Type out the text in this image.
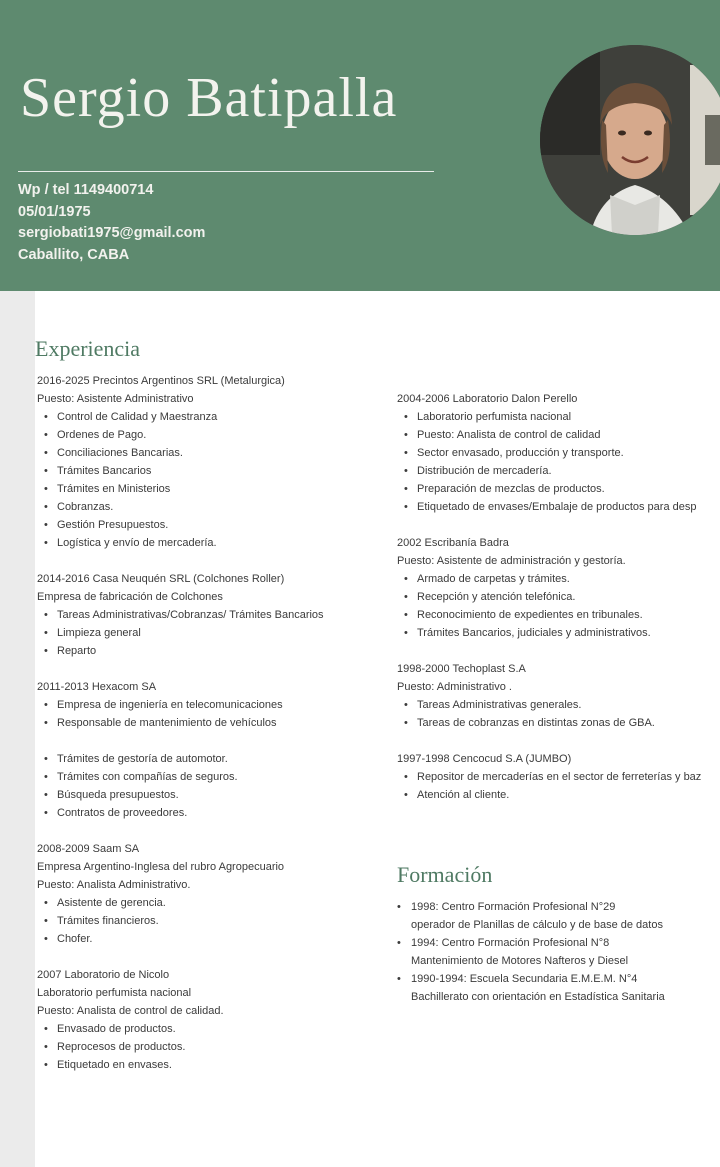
Sergio Batipalla
Wp / tel 1149400714
05/01/1975
sergiobati1975@gmail.com
Caballito, CABA
Experiencia
2016-2025 Precintos Argentinos SRL (Metalurgica)
Puesto: Asistente Administrativo
• Control de Calidad y Maestranza
• Ordenes de Pago.
• Conciliaciones Bancarias.
• Trámites Bancarios
• Trámites en Ministerios
• Cobranzas.
• Gestión Presupuestos.
• Logística y envío de mercadería.
2014-2016 Casa Neuquén SRL (Colchones Roller)
Empresa de fabricación de Colchones
• Tareas Administrativas/Cobranzas/ Trámites Bancarios
• Limpieza general
• Reparto
2011-2013 Hexacom SA
• Empresa de ingeniería en telecomunicaciones
• Responsable de mantenimiento de vehículos
• Trámites de gestoría de automotor.
• Trámites con compañías de seguros.
• Búsqueda presupuestos.
• Contratos de proveedores.
2008-2009 Saam SA
Empresa Argentino-Inglesa del rubro Agropecuario
Puesto: Analista Administrativo.
• Asistente de gerencia.
• Trámites financieros.
• Chofer.
2007 Laboratorio de Nicolo
Laboratorio perfumista nacional
Puesto: Analista de control de calidad.
• Envasado de productos.
• Reprocesos de productos.
• Etiquetado en envases.
2004-2006 Laboratorio Dalon Perello
• Laboratorio perfumista nacional
• Puesto: Analista de control de calidad
• Sector envasado, producción y transporte.
• Distribución de mercadería.
• Preparación de mezclas de productos.
• Etiquetado de envases/Embalaje de productos para desp
2002 Escribanía Badra
Puesto: Asistente de administración y gestoría.
• Armado de carpetas y trámites.
• Recepción y atención telefónica.
• Reconocimiento de expedientes en tribunales.
• Trámites Bancarios, judiciales y administrativos.
1998-2000 Techoplast S.A
Puesto: Administrativo .
• Tareas Administrativas generales.
• Tareas de cobranzas en distintas zonas de GBA.
1997-1998 Cencocud S.A (JUMBO)
• Repositor de mercaderías en el sector de ferreterías y baz
• Atención al cliente.
Formación
• 1998: Centro Formación Profesional N°29
operador de Planillas de cálculo y de base de datos
• 1994: Centro Formación Profesional N°8
Mantenimiento de Motores Nafteros y Diesel
• 1990-1994: Escuela Secundaria E.M.E.M. N°4
Bachillerato con orientación en Estadística Sanitaria
